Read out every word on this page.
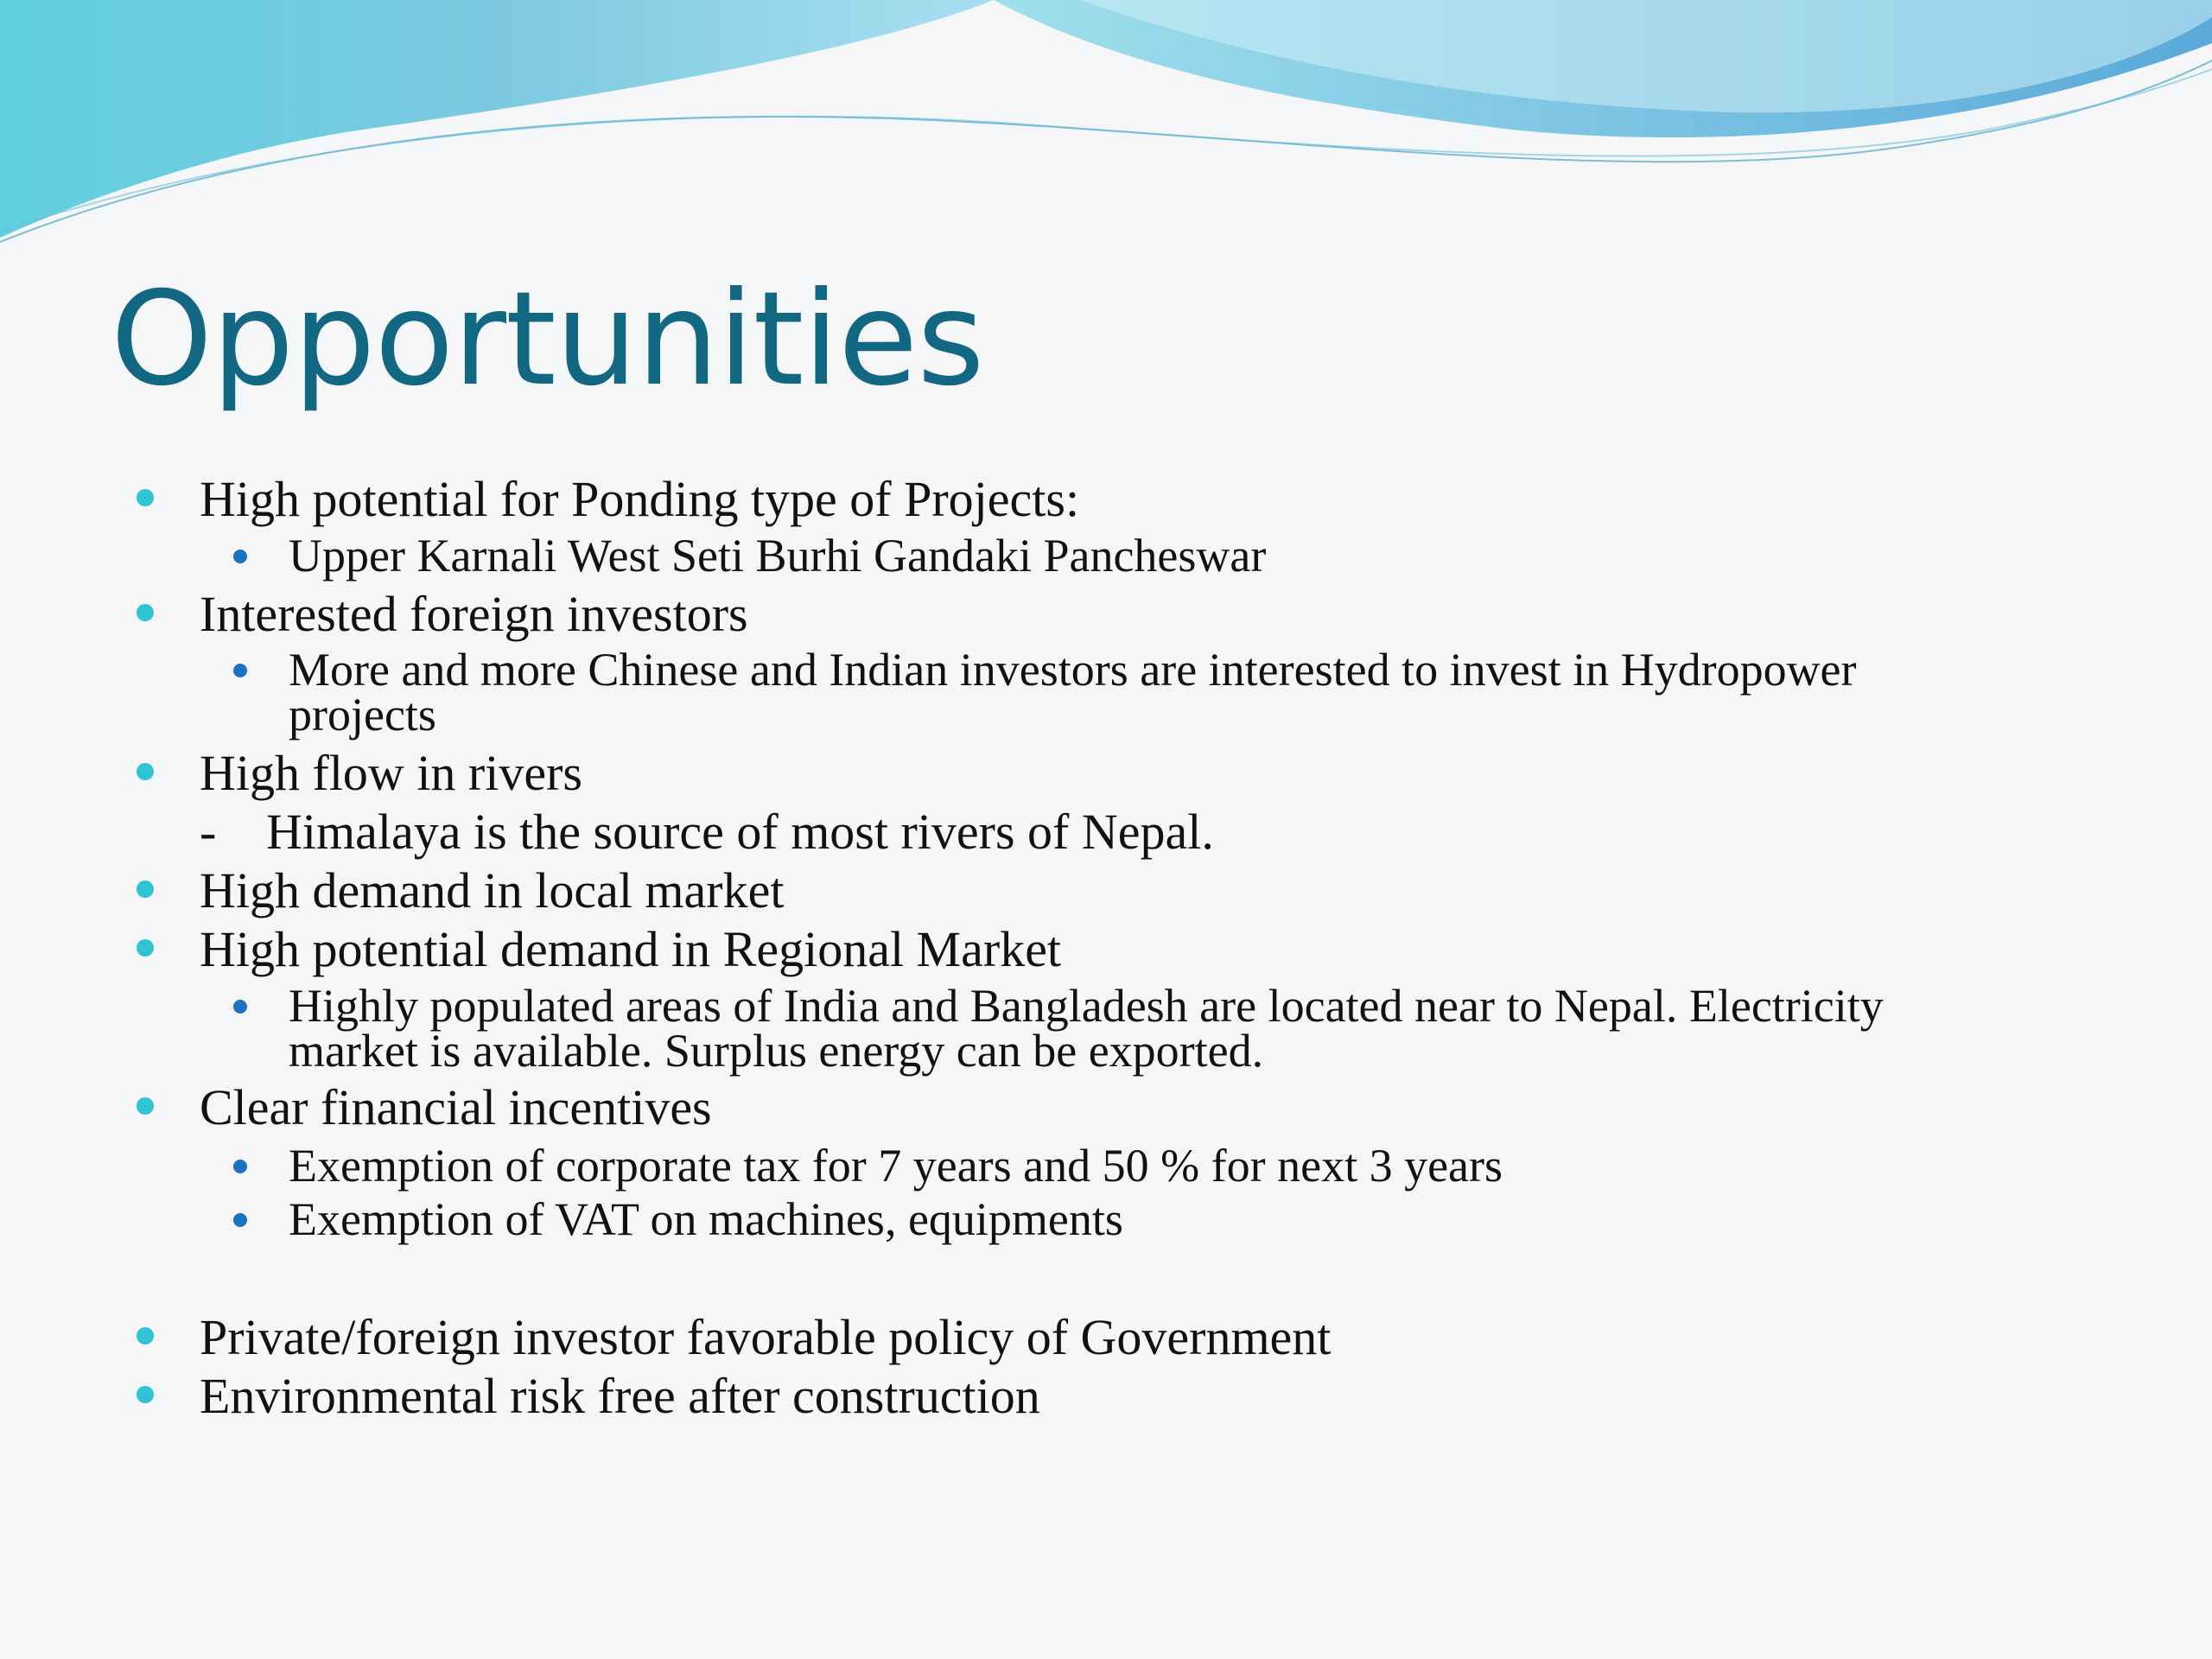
Opportunities
High potential for Ponding type of Projects:
Upper Karnali West Seti Burhi Gandaki Pancheswar
Interested foreign investors
More and more Chinese and Indian investors are interested to invest in Hydropower
projects
High flow in rivers
- Himalaya is the source of most rivers of Nepal.
High demand in local market
High potential demand in Regional Market
Highly populated areas of India and Bangladesh are located near to Nepal. Electricity
market is available. Surplus energy can be exported.
Clear financial incentives
Exemption of corporate tax for 7 years and 50 % for next 3 years
Exemption of VAT on machines, equipments
Private/foreign investor favorable policy of Government
Environmental risk free after construction
